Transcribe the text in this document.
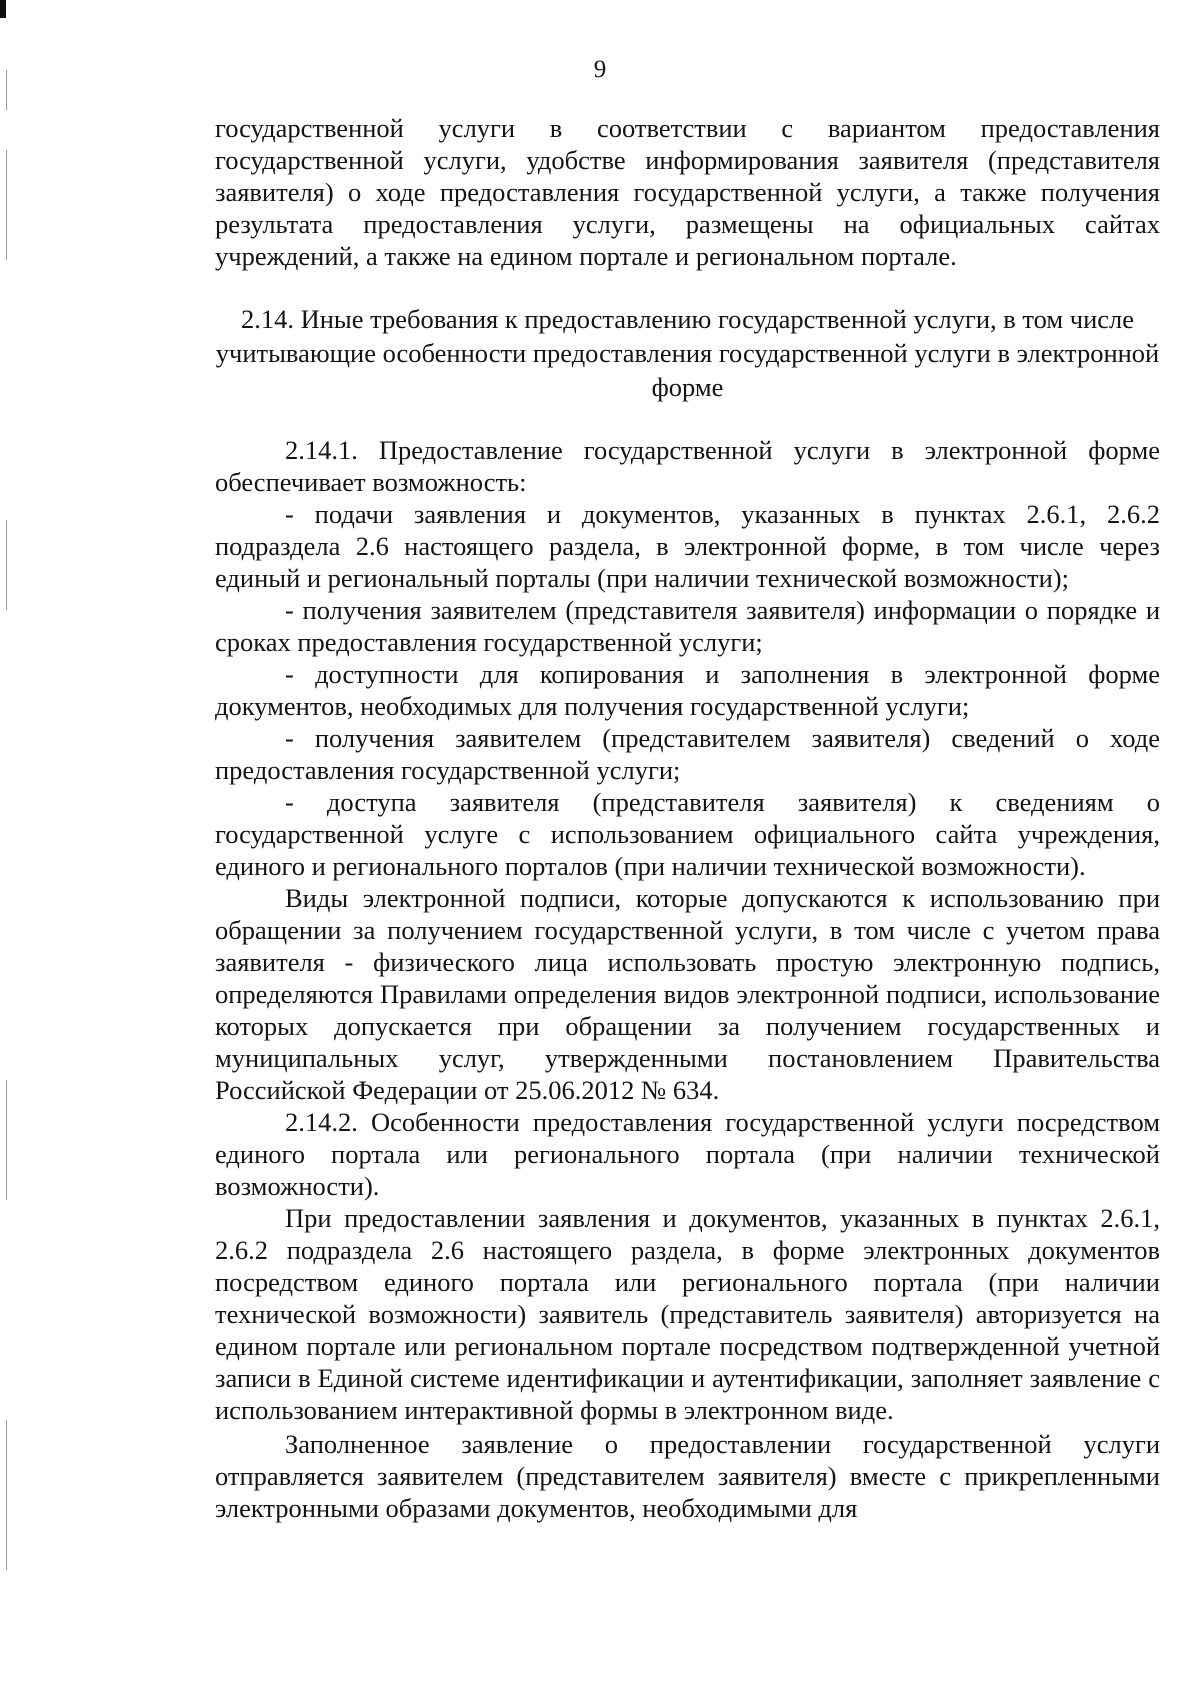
9

государственной услуги в соответствии с вариантом предоставления государственной услуги, удобстве информирования заявителя (представителя заявителя) о ходе предоставления государственной услуги, а также получения результата предоставления услуги, размещены на официальных сайтах учреждений, а также на едином портале и региональном портале.

2.14. Иные требования к предоставлению государственной услуги, в том числе учитывающие особенности предоставления государственной услуги в электронной форме

2.14.1. Предоставление государственной услуги в электронной форме обеспечивает возможность:

- подачи заявления и документов, указанных в пунктах 2.6.1, 2.6.2 подраздела 2.6 настоящего раздела, в электронной форме, в том числе через единый и региональный порталы (при наличии технической возможности);

- получения заявителем (представителя заявителя) информации о порядке и сроках предоставления государственной услуги;

- доступности для копирования и заполнения в электронной форме документов, необходимых для получения государственной услуги;

- получения заявителем (представителем заявителя) сведений о ходе предоставления государственной услуги;

- доступа заявителя (представителя заявителя) к сведениям о государственной услуге с использованием официального сайта учреждения, единого и регионального порталов (при наличии технической возможности).

Виды электронной подписи, которые допускаются к использованию при обращении за получением государственной услуги, в том числе с учетом права заявителя - физического лица использовать простую электронную подпись, определяются Правилами определения видов электронной подписи, использование которых допускается при обращении за получением государственных и муниципальных услуг, утвержденными постановлением Правительства Российской Федерации от 25.06.2012 № 634.

2.14.2. Особенности предоставления государственной услуги посредством единого портала или регионального портала (при наличии технической возможности).

При предоставлении заявления и документов, указанных в пунктах 2.6.1, 2.6.2 подраздела 2.6 настоящего раздела, в форме электронных документов посредством единого портала или регионального портала (при наличии технической возможности) заявитель (представитель заявителя) авторизуется на едином портале или региональном портале посредством подтвержденной учетной записи в Единой системе идентификации и аутентификации, заполняет заявление с использованием интерактивной формы в электронном виде.

Заполненное заявление о предоставлении государственной услуги отправляется заявителем (представителем заявителя) вместе с прикрепленными электронными образами документов, необходимыми для
